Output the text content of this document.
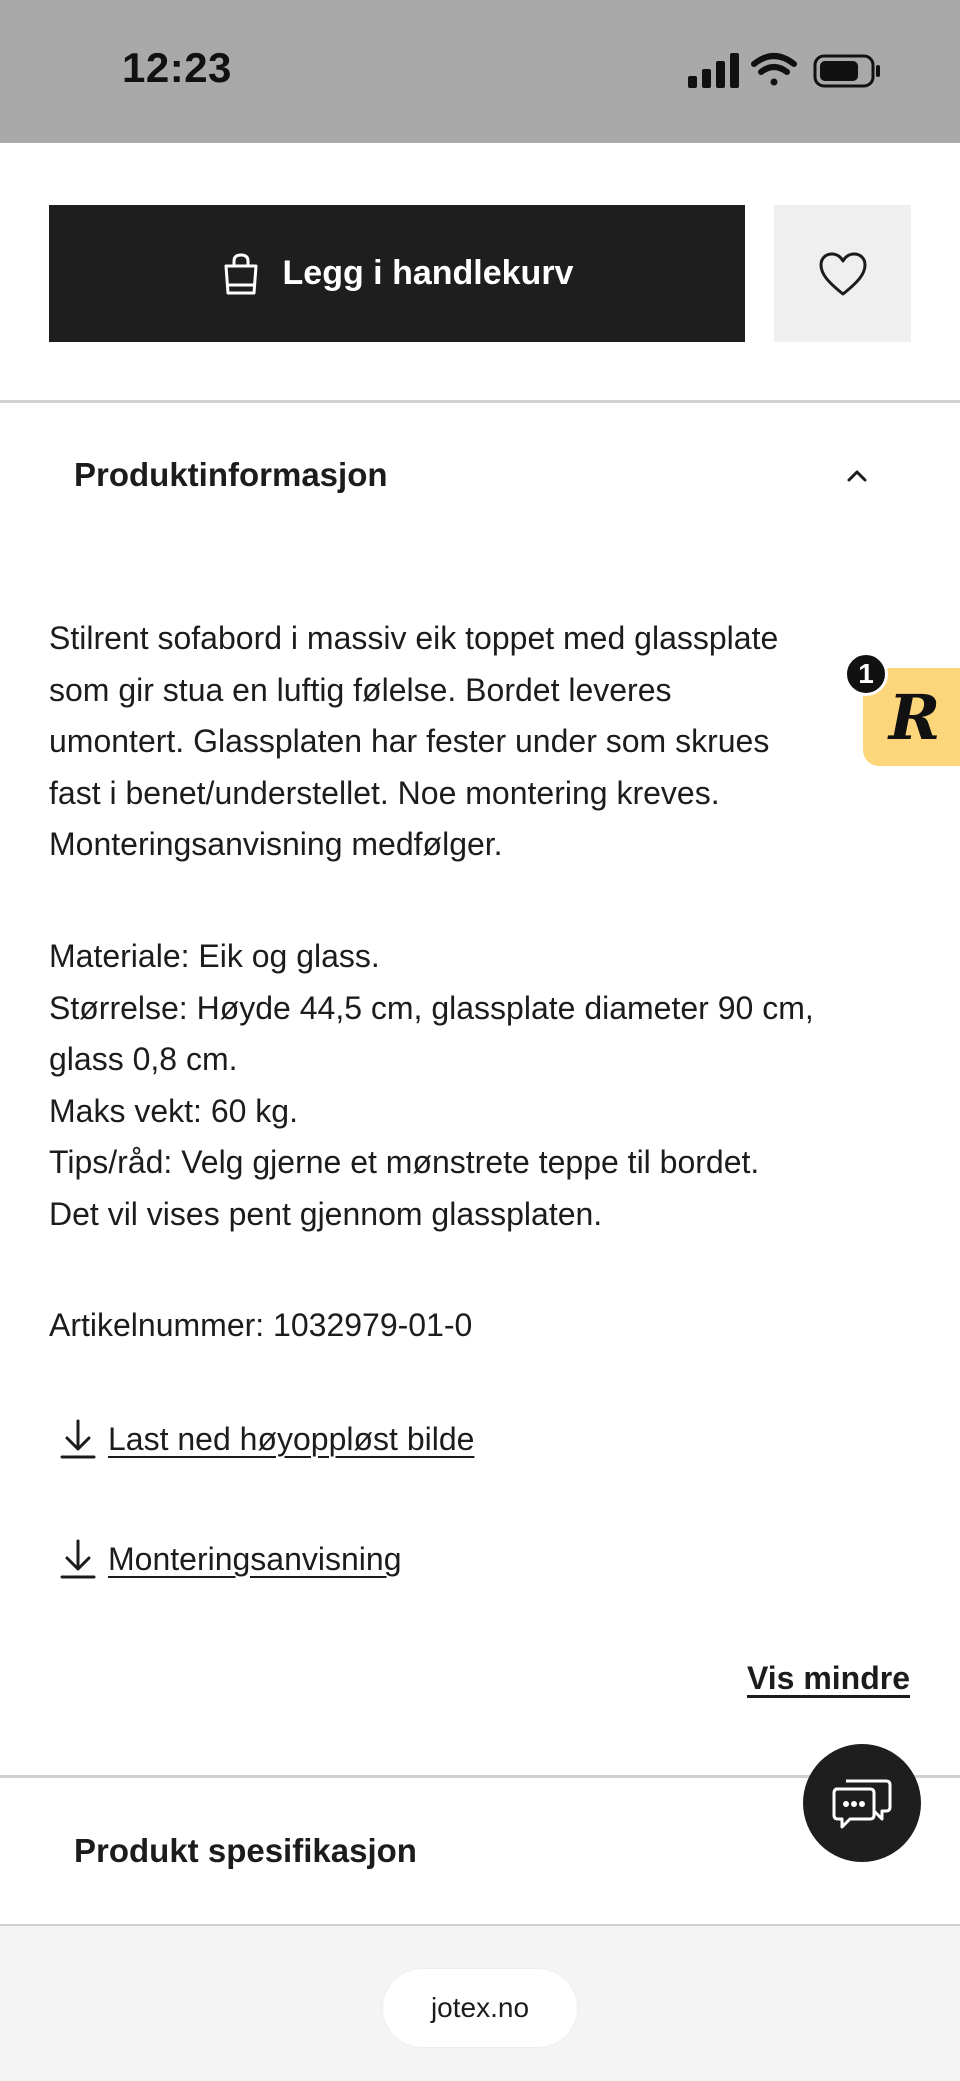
12:23
Legg i handlekurv
Produktinformasjon

Stilrent sofabord i massiv eik toppet med glassplate

som gir stua en luftig følelse. Bordet leveres

umontert. Glassplaten har fester under som skrues

fast i benet/understellet. Noe montering kreves.

Monteringsanvisning medfølger.

Materiale: Eik og glass.

Størrelse: Høyde 44,5 cm, glassplate diameter 90 cm,

glass 0,8 cm.

Maks vekt: 60 kg.

Tips/råd: Velg gjerne et mønstrete teppe til bordet.

Det vil vises pent gjennom glassplaten.

Artikelnummer: 1032979-01-0
Last ned høyoppløst bilde
Monteringsanvisning
Vis mindre
Produkt spesifikasjon
R
1
jotex.no
